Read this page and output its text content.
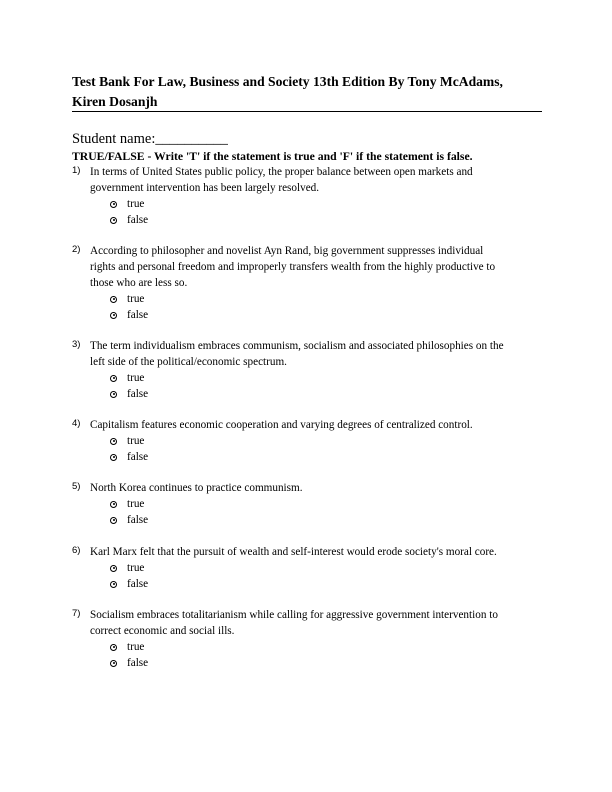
Test Bank For Law, Business and Society 13th Edition By Tony McAdams,
Kiren Dosanjh
Student name:__________
TRUE/FALSE - Write 'T' if the statement is true and 'F' if the statement is false.
1) In terms of United States public policy, the proper balance between open markets and
government intervention has been largely resolved.
true
false
2) According to philosopher and novelist Ayn Rand, big government suppresses individual
rights and personal freedom and improperly transfers wealth from the highly productive to
those who are less so.
true
false
3) The term individualism embraces communism, socialism and associated philosophies on the
left side of the political/economic spectrum.
true
false
4) Capitalism features economic cooperation and varying degrees of centralized control.
true
false
5) North Korea continues to practice communism.
true
false
6) Karl Marx felt that the pursuit of wealth and self-interest would erode society's moral core.
true
false
7) Socialism embraces totalitarianism while calling for aggressive government intervention to
correct economic and social ills.
true
false
